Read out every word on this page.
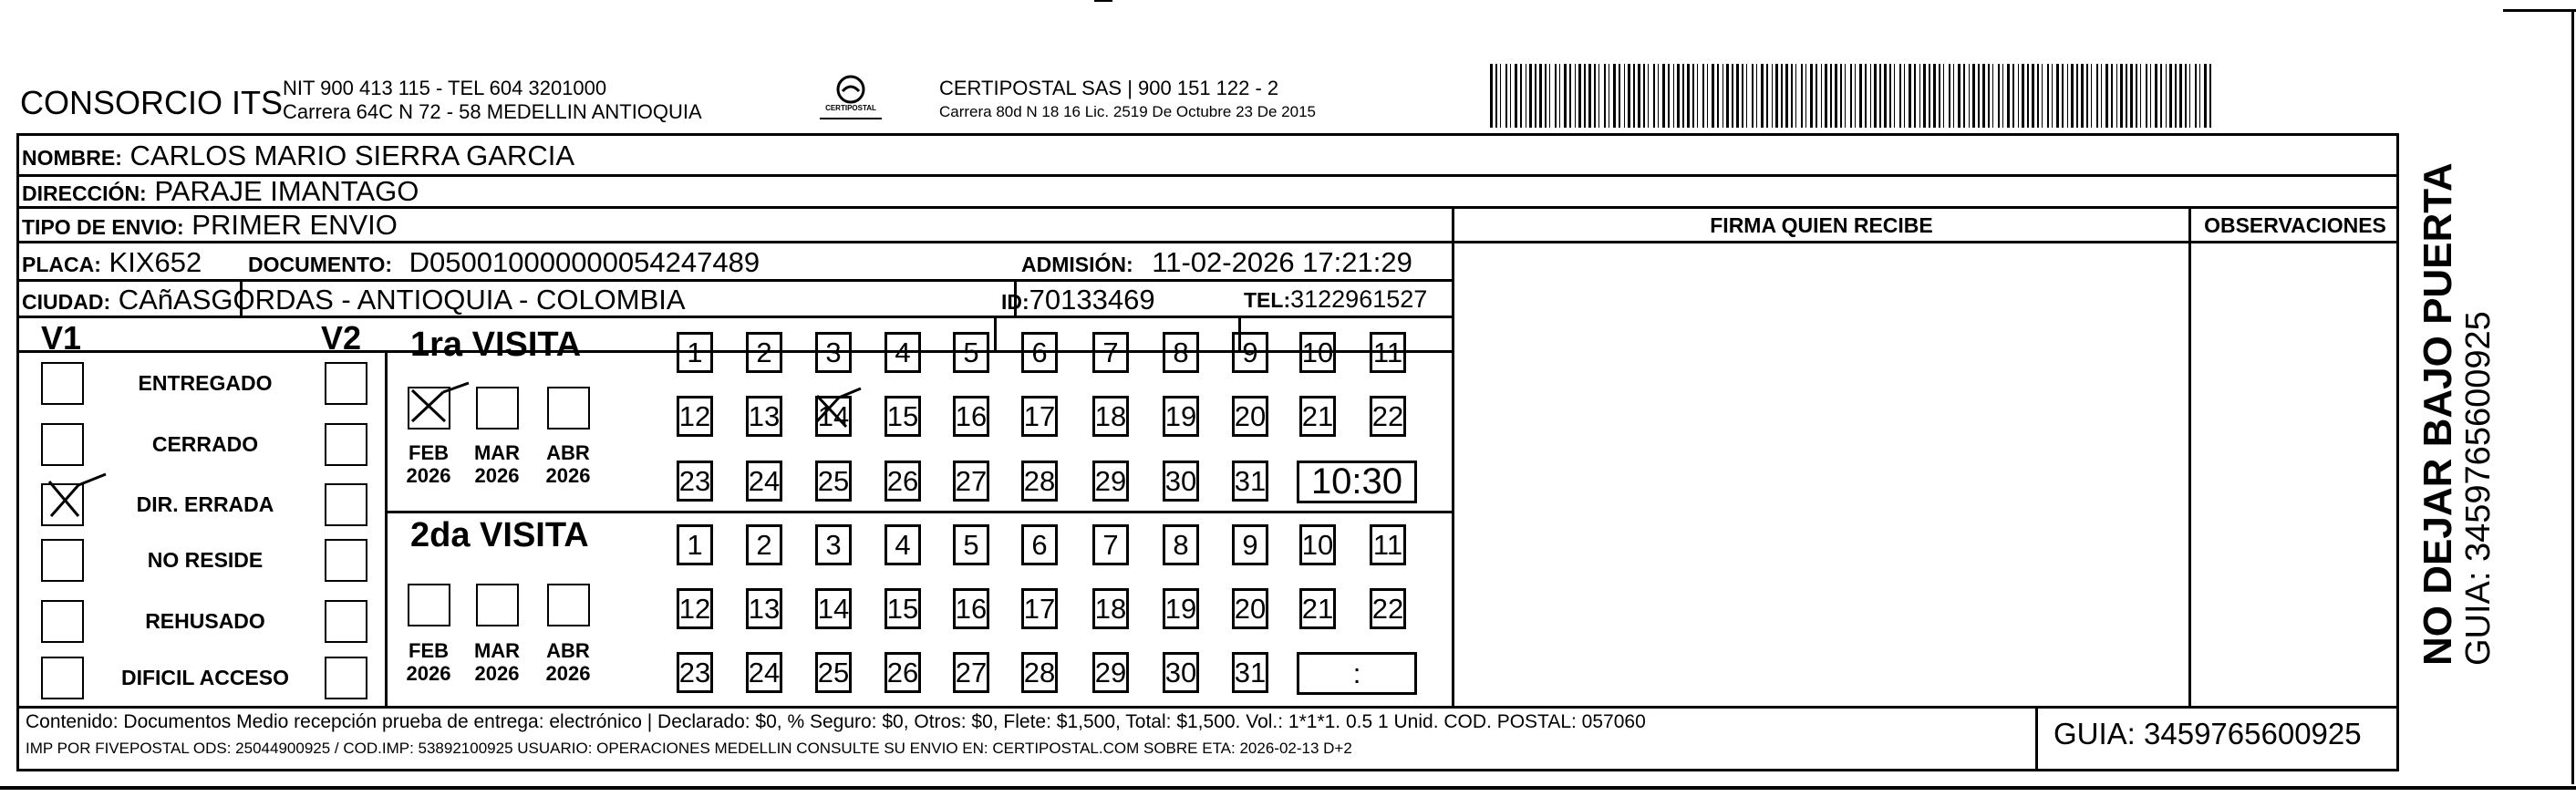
CONSORCIO ITS NIT 900 413 115 - TEL 604 3201000
Carrera 64C N 72 - 58 MEDELLIN ANTIOQUIA	CERTIPOSTAL
CERTIPOSTAL SAS | 900 151 122 - 2
Carrera 80d N 18 16 Lic. 2519 De Octubre 23 De 2015
NOMBRE: CARLOS MARIO SIERRA GARCIA
DIRECCIÓN: PARAJE IMANTAGO
TIPO DE ENVIO: PRIMER ENVIO	FIRMA QUIEN RECIBE	OBSERVACIONES
PLACA: KIX652 DOCUMENTO: D050010000000054247489	ADMISIÓN: 11-02-2026 17:21:29
CIUDAD: CAñASGORDAS - ANTIOQUIA - COLOMBIA	ID:70133469	TEL:3122961527
V1	V2
ENTREGADO
CERRADO
DIR. ERRADA
NO RESIDE
REHUSADO
DIFICIL ACCESO
1ra VISITA
2da VISITA
FEB
2026
MAR
2026
ABR
2026
FEB
2026
MAR
2026
ABR
2026
1	2	3	4	5	6	7	8	9	10 11
12 13 14 15 16 17 18 19 20 21 22
23 24 25 26 27 28 29 30 31	10:30
1	2	3	4	5	6	7	8	9	10 11
12 13 14 15 16 17 18 19 20 21 22
23 24 25 26 27 28 29 30 31	:
Contenido: Documentos Medio recepción prueba de entrega: electrónico | Declarado: $0, % Seguro: $0, Otros: $0, Flete: $1,500, Total: $1,500. Vol.: 1*1*1. 0.5 1 Unid. COD. POSTAL: 057060
IMP POR FIVEPOSTAL ODS: 25044900925 / COD.IMP: 53892100925 USUARIO: OPERACIONES MEDELLIN CONSULTE SU ENVIO EN: CERTIPOSTAL.COM SOBRE ETA: 2026-02-13 D+2	GUIA: 3459765600925
NO DEJAR BAJO PUERTA GUIA: 3459765600925
